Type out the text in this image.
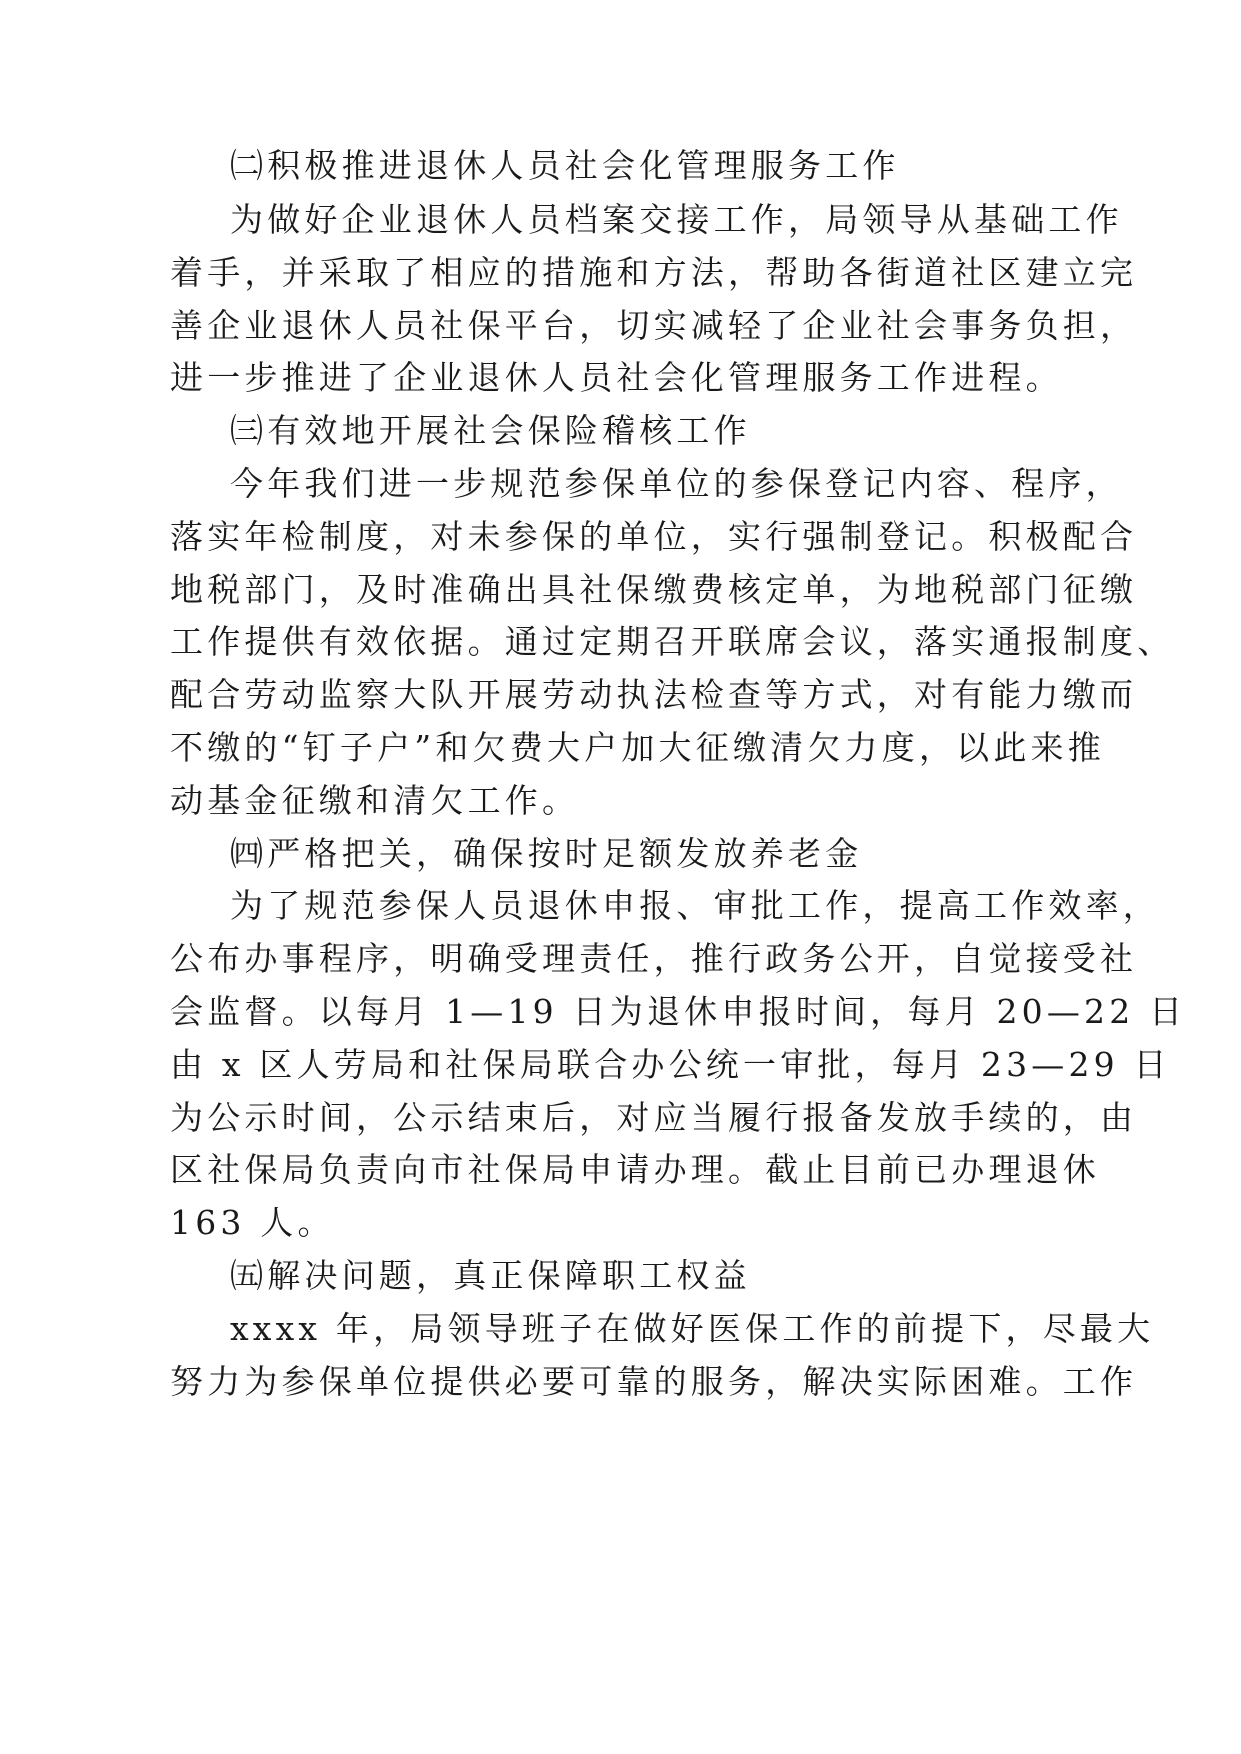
㈡积极推进退休人员社会化管理服务工作
为做好企业退休人员档案交接工作，局领导从基础工作
着手，并采取了相应的措施和方法，帮助各街道社区建立完
善企业退休人员社保平台，切实减轻了企业社会事务负担，
进一步推进了企业退休人员社会化管理服务工作进程。
㈢有效地开展社会保险稽核工作
今年我们进一步规范参保单位的参保登记内容、程序，
落实年检制度，对未参保的单位，实行强制登记。积极配合
地税部门，及时准确出具社保缴费核定单，为地税部门征缴
工作提供有效依据。通过定期召开联席会议，落实通报制度、
配合劳动监察大队开展劳动执法检查等方式，对有能力缴而
不缴的“钉子户”和欠费大户加大征缴清欠力度，以此来推
动基金征缴和清欠工作。
㈣严格把关，确保按时足额发放养老金
为了规范参保人员退休申报、审批工作，提高工作效率，
公布办事程序，明确受理责任，推行政务公开，自觉接受社
会监督。以每月 1—19 日为退休申报时间，每月 20—22 日
由 x 区人劳局和社保局联合办公统一审批，每月 23—29 日
为公示时间，公示结束后，对应当履行报备发放手续的，由
区社保局负责向市社保局申请办理。截止目前已办理退休
163 人。
㈤解决问题，真正保障职工权益
xxxx 年，局领导班子在做好医保工作的前提下，尽最大
努力为参保单位提供必要可靠的服务，解决实际困难。工作
